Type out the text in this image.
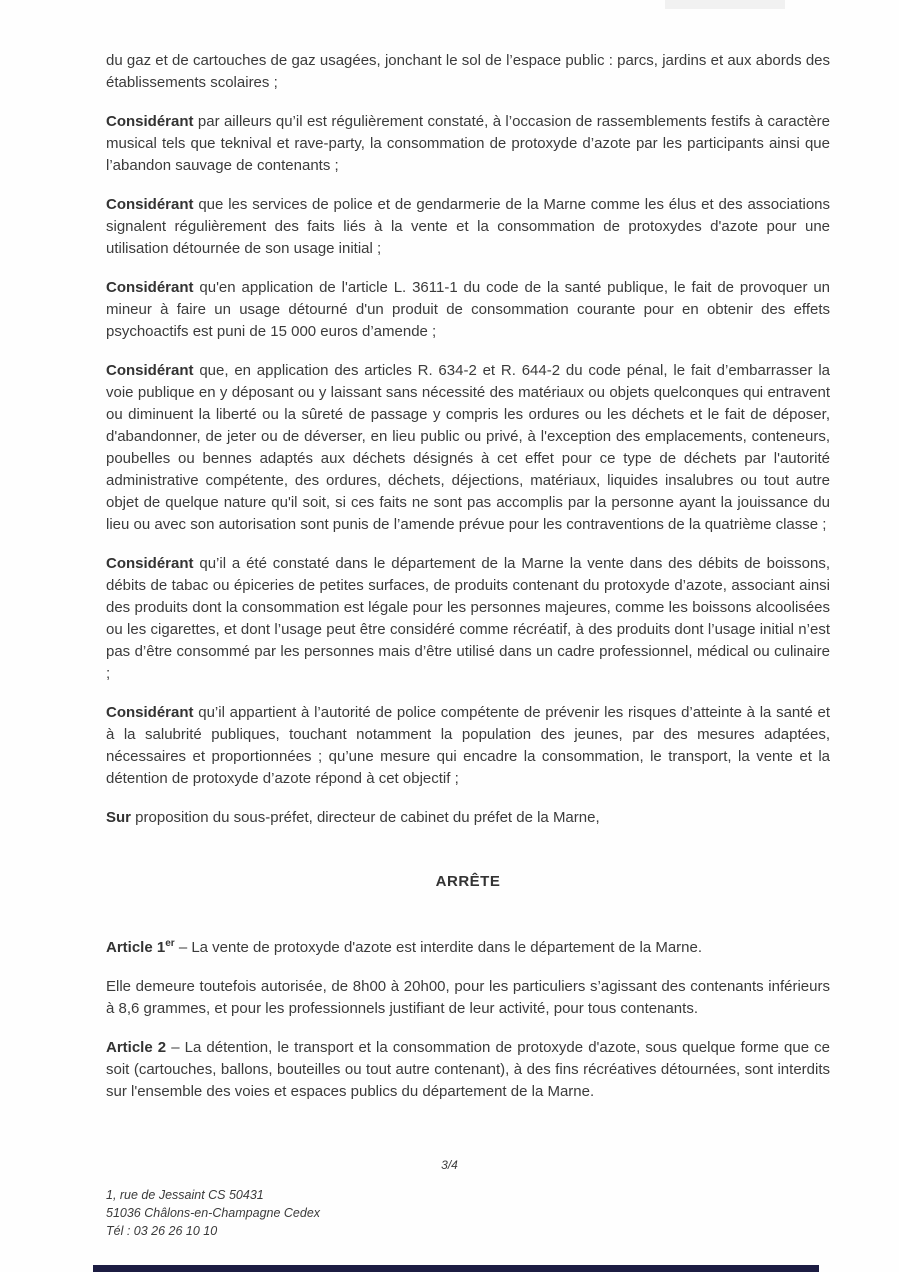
du gaz et de cartouches de gaz usagées, jonchant le sol de l’espace public : parcs, jardins et aux abords des établissements scolaires ;

Considérant par ailleurs qu’il est régulièrement constaté, à l’occasion de rassemblements festifs à caractère musical tels que teknival et rave-party, la consommation de protoxyde d’azote par les participants ainsi que l’abandon sauvage de contenants ;

Considérant que les services de police et de gendarmerie de la Marne comme les élus et des associations signalent régulièrement des faits liés à la vente et la consommation de protoxydes d'azote pour une utilisation détournée de son usage initial ;

Considérant qu'en application de l'article L. 3611-1 du code de la santé publique, le fait de provoquer un mineur à faire un usage détourné d'un produit de consommation courante pour en obtenir des effets psychoactifs est puni de 15 000 euros d’amende ;

Considérant que, en application des articles R. 634-2 et R. 644-2 du code pénal, le fait d’embarrasser la voie publique en y déposant ou y laissant sans nécessité des matériaux ou objets quelconques qui entravent ou diminuent la liberté ou la sûreté de passage y compris les ordures ou les déchets et le fait de déposer, d'abandonner, de jeter ou de déverser, en lieu public ou privé, à l'exception des emplacements, conteneurs, poubelles ou bennes adaptés aux déchets désignés à cet effet pour ce type de déchets par l'autorité administrative compétente, des ordures, déchets, déjections, matériaux, liquides insalubres ou tout autre objet de quelque nature qu'il soit, si ces faits ne sont pas accomplis par la personne ayant la jouissance du lieu ou avec son autorisation sont punis de l’amende prévue pour les contraventions de la quatrième classe ;

Considérant qu’il a été constaté dans le département de la Marne la vente dans des débits de boissons, débits de tabac ou épiceries de petites surfaces, de produits contenant du protoxyde d’azote, associant ainsi des produits dont la consommation est légale pour les personnes majeures, comme les boissons alcoolisées ou les cigarettes, et dont l’usage peut être considéré comme récréatif, à des produits dont l’usage initial n’est pas d’être consommé par les personnes mais d’être utilisé dans un cadre professionnel, médical ou culinaire ;

Considérant qu’il appartient à l’autorité de police compétente de prévenir les risques d’atteinte à la santé et à la salubrité publiques, touchant notamment la population des jeunes, par des mesures adaptées, nécessaires et proportionnées ; qu’une mesure qui encadre la consommation, le transport, la vente et la détention de protoxyde d’azote répond à cet objectif ;

Sur proposition du sous-préfet, directeur de cabinet du préfet de la Marne,

ARRÊTE

Article 1er – La vente de protoxyde d'azote est interdite dans le département de la Marne.

Elle demeure toutefois autorisée, de 8h00 à 20h00, pour les particuliers s’agissant des contenants inférieurs à 8,6 grammes, et pour les professionnels justifiant de leur activité, pour tous contenants.

Article 2 – La détention, le transport et la consommation de protoxyde d'azote, sous quelque forme que ce soit (cartouches, ballons, bouteilles ou tout autre contenant), à des fins récréatives détournées, sont interdits sur l'ensemble des voies et espaces publics du département de la Marne.

3/4
1, rue de Jessaint CS 50431
51036 Châlons-en-Champagne Cedex
Tél : 03 26 26 10 10
